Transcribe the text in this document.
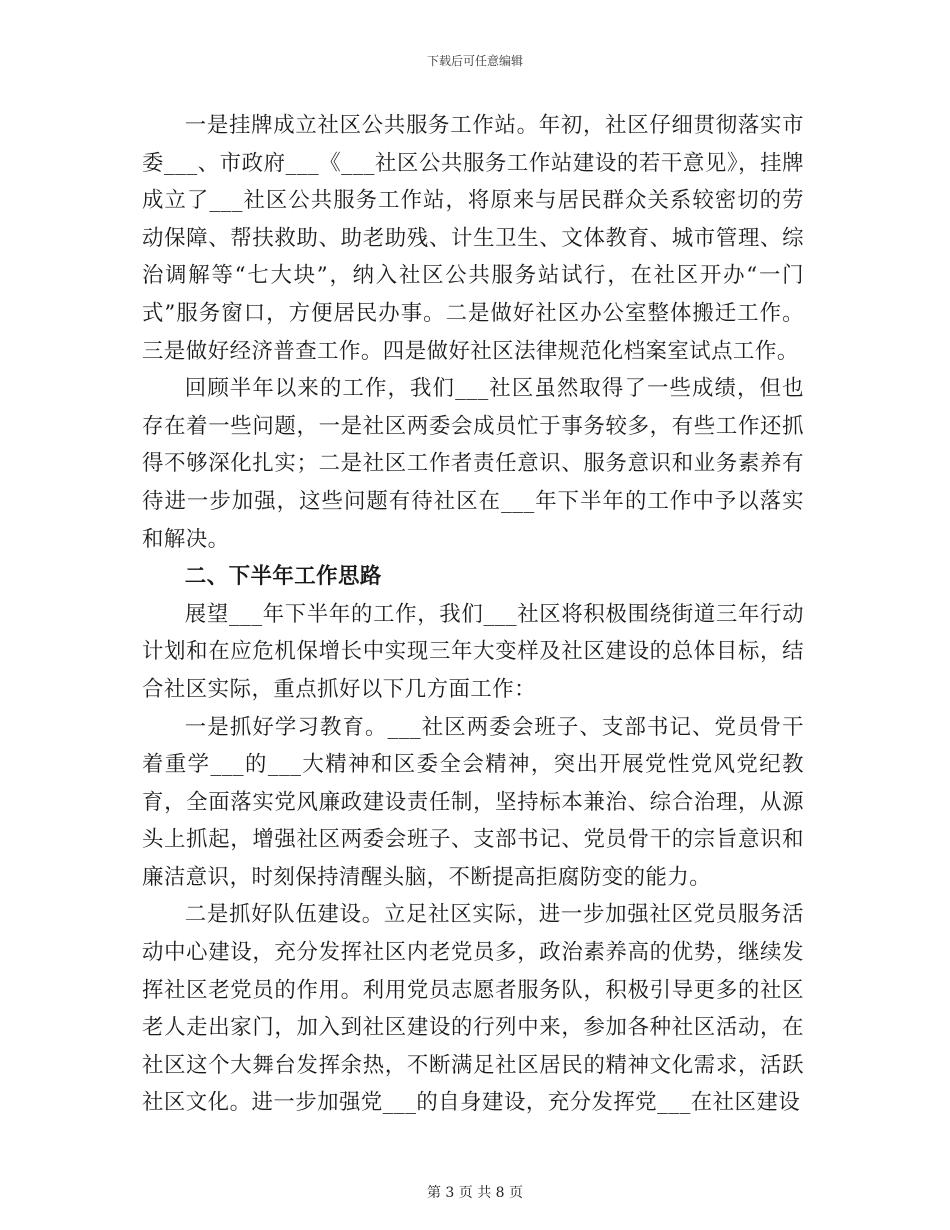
下载后可任意编辑

一是挂牌成立社区公共服务工作站。年初，社区仔细贯彻落实市委___、市政府___《___社区公共服务工作站建设的若干意见》，挂牌成立了___社区公共服务工作站，将原来与居民群众关系较密切的劳动保障、帮扶救助、助老助残、计生卫生、文体教育、城市管理、综治调解等“七大块”，纳入社区公共服务站试行，在社区开办“一门式”服务窗口，方便居民办事。二是做好社区办公室整体搬迁工作。三是做好经济普查工作。四是做好社区法律规范化档案室试点工作。

回顾半年以来的工作，我们___社区虽然取得了一些成绩，但也存在着一些问题，一是社区两委会成员忙于事务较多，有些工作还抓得不够深化扎实；二是社区工作者责任意识、服务意识和业务素养有待进一步加强，这些问题有待社区在___年下半年的工作中予以落实和解决。

二、下半年工作思路

展望___年下半年的工作，我们___社区将积极围绕街道三年行动计划和在应危机保增长中实现三年大变样及社区建设的总体目标，结合社区实际，重点抓好以下几方面工作：

一是抓好学习教育。___社区两委会班子、支部书记、党员骨干着重学___的___大精神和区委全会精神，突出开展党性党风党纪教育，全面落实党风廉政建设责任制，坚持标本兼治、综合治理，从源头上抓起，增强社区两委会班子、支部书记、党员骨干的宗旨意识和廉洁意识，时刻保持清醒头脑，不断提高拒腐防变的能力。

二是抓好队伍建设。立足社区实际，进一步加强社区党员服务活动中心建设，充分发挥社区内老党员多，政治素养高的优势，继续发挥社区老党员的作用。利用党员志愿者服务队，积极引导更多的社区老人走出家门，加入到社区建设的行列中来，参加各种社区活动，在社区这个大舞台发挥余热，不断满足社区居民的精神文化需求，活跃社区文化。进一步加强党___的自身建设，充分发挥党___在社区建设

第 3 页 共 8 页
